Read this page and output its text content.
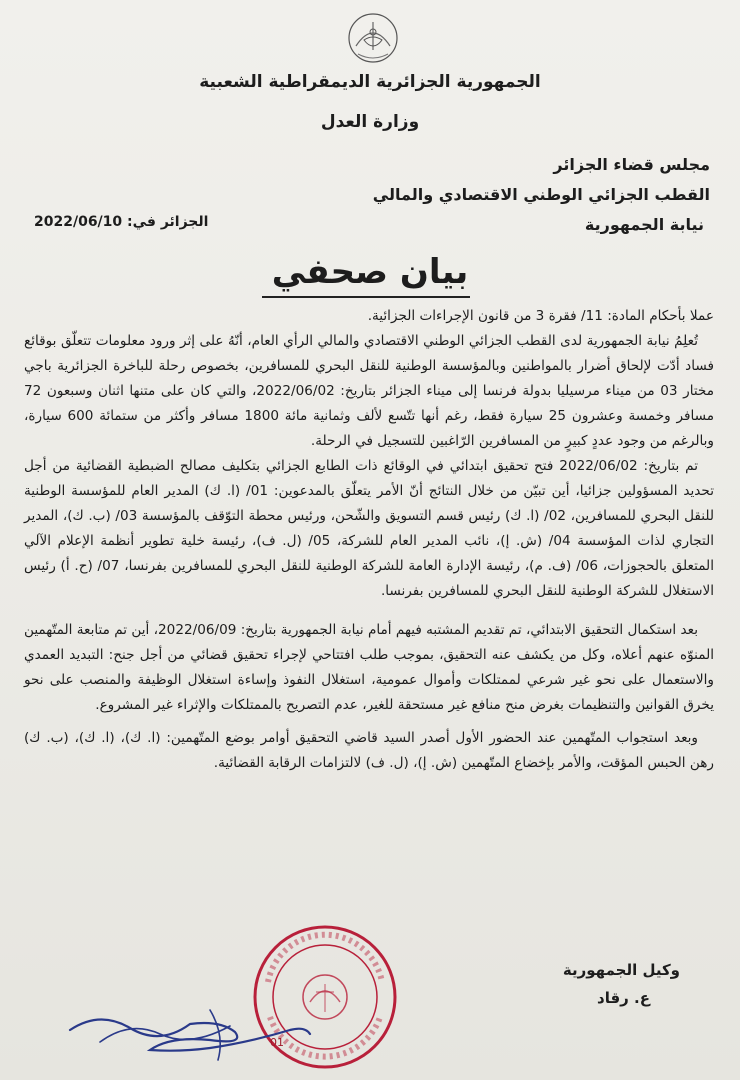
الجمهورية الجزائرية الديمقراطية الشعبية
وزارة العدل
مجلس قضاء الجزائر
القطب الجزائي الوطني الاقتصادي والمالي
نيابة الجمهورية
الجزائر في: 2022/06/10
بيان صحفي

عملا بأحكام المادة: 11/ فقرة 3 من قانون الإجراءات الجزائية.

تُعلِمُ نيابة الجمهورية لدى القطب الجزائي الوطني الاقتصادي والمالي الرأي العام، أنّهُ على إثر ورود معلومات تتعلّق بوقائع فساد أدّت لإلحاق أضرار بالمواطنين وبالمؤسسة الوطنية للنقل البحري للمسافرين، بخصوص رحلة للباخرة الجزائرية باجي مختار 03 من ميناء مرسيليا بدولة فرنسا إلى ميناء الجزائر بتاريخ: 2022/06/02، والتي كان على متنها اثنان وسبعون 72 مسافر وخمسة وعشرون 25 سيارة فقط، رغم أنها تتّسع لألف وثمانية مائة 1800 مسافر وأكثر من ستمائة 600 سيارة، وبالرغم من وجود عددٍ كبيرٍ من المسافرين الرّاغبين للتسجيل في الرحلة.

تم بتاريخ: 2022/06/02 فتح تحقيق ابتدائي في الوقائع ذات الطابع الجزائي بتكليف مصالح الضبطية القضائية من أجل تحديد المسؤولين جزائيا، أين تبيّن من خلال النتائج أنّ الأمر يتعلّق بالمدعوين: 01/ (ا. ك) المدير العام للمؤسسة الوطنية للنقل البحري للمسافرين، 02/ (ا. ك) رئيس قسم التسويق والشّحن، ورئيس محطة التوّقف بالمؤسسة 03/ (ب. ك)، المدير التجاري لذات المؤسسة 04/ (ش. إ)، نائب المدير العام للشركة، 05/ (ل. ف)، رئيسة خلية تطوير أنظمة الإعلام الآلي المتعلق بالحجوزات، 06/ (ف. م)، رئيسة الإدارة العامة للشركة الوطنية للنقل البحري للمسافرين بفرنسا، 07/ (ح. أ) رئيس الاستغلال للشركة الوطنية للنقل البحري للمسافرين بفرنسا.

بعد استكمال التحقيق الابتدائي، تم تقديم المشتبه فيهم أمام نيابة الجمهورية بتاريخ: 2022/06/09، أين تم متابعة المتّهمين المنوّه عنهم أعلاه، وكل من يكشف عنه التحقيق، بموجب طلب افتتاحي لإجراء تحقيق قضائي من أجل جنح: التبديد العمدي والاستعمال على نحو غير شرعي لممتلكات وأموال عمومية، استغلال النفوذ وإساءة استغلال الوظيفة والمنصب على نحو يخرق القوانين والتنظيمات بغرض منح منافع غير مستحقة للغير، عدم التصريح بالممتلكات والإثراء غير المشروع.

وبعد استجواب المتّهمين عند الحضور الأول أصدر السيد قاضي التحقيق أوامر بوضع المتّهمين: (ا. ك)، (ا. ك)، (ب. ك) رهن الحبس المؤقت، والأمر بإخضاع المتّهمين (ش. إ)، (ل. ف) لالتزامات الرقابة القضائية.

01
وكيل الجمهورية
ع. رقاد
